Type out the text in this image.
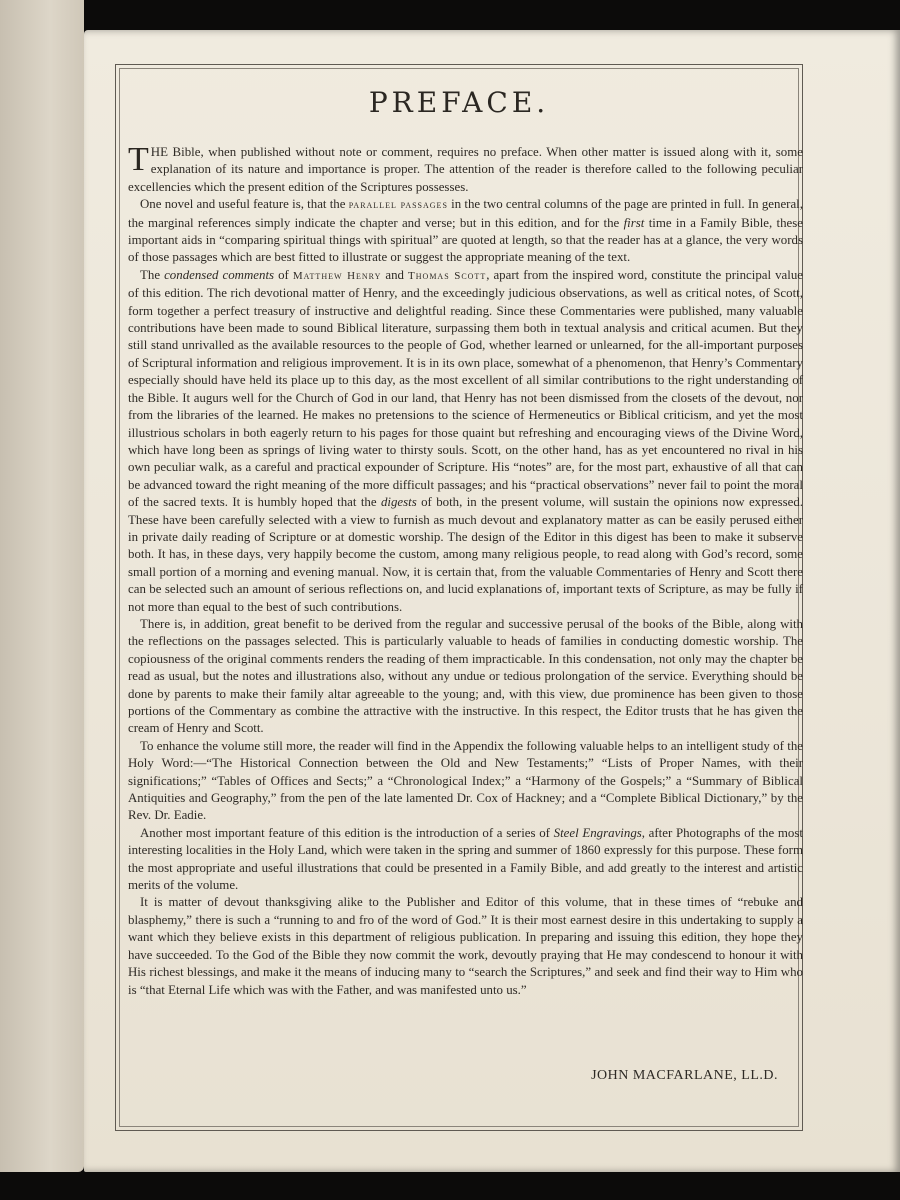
PREFACE.

THE Bible, when published without note or comment, requires no preface. When other matter is issued along with it, some explanation of its nature and importance is proper. The attention of the reader is therefore called to the following peculiar excellencies which the present edition of the Scriptures possesses.

One novel and useful feature is, that the parallel passages in the two central columns of the page are printed in full. In general, the marginal references simply indicate the chapter and verse; but in this edition, and for the first time in a Family Bible, these important aids in “comparing spiritual things with spiritual” are quoted at length, so that the reader has at a glance, the very words of those passages which are best fitted to illustrate or suggest the appropriate meaning of the text.

The condensed comments of Matthew Henry and Thomas Scott, apart from the inspired word, constitute the principal value of this edition. The rich devotional matter of Henry, and the exceedingly judicious observations, as well as critical notes, of Scott, form together a perfect treasury of instructive and delightful reading. Since these Commentaries were published, many valuable contributions have been made to sound Biblical literature, surpassing them both in textual analysis and critical acumen. But they still stand unrivalled as the available resources to the people of God, whether learned or unlearned, for the all-important purposes of Scriptural information and religious improvement. It is in its own place, somewhat of a phenomenon, that Henry’s Commentary especially should have held its place up to this day, as the most excellent of all similar contributions to the right understanding of the Bible. It augurs well for the Church of God in our land, that Henry has not been dismissed from the closets of the devout, nor from the libraries of the learned. He makes no pretensions to the science of Hermeneutics or Biblical criticism, and yet the most illustrious scholars in both eagerly return to his pages for those quaint but refreshing and encouraging views of the Divine Word, which have long been as springs of living water to thirsty souls. Scott, on the other hand, has as yet encountered no rival in his own peculiar walk, as a careful and practical expounder of Scripture. His “notes” are, for the most part, exhaustive of all that can be advanced toward the right meaning of the more difficult passages; and his “practical observations” never fail to point the moral of the sacred texts. It is humbly hoped that the digests of both, in the present volume, will sustain the opinions now expressed. These have been carefully selected with a view to furnish as much devout and explanatory matter as can be easily perused either in private daily reading of Scripture or at domestic worship. The design of the Editor in this digest has been to make it subserve both. It has, in these days, very happily become the custom, among many religious people, to read along with God’s record, some small portion of a morning and evening manual. Now, it is certain that, from the valuable Commentaries of Henry and Scott there can be selected such an amount of serious reflections on, and lucid explanations of, important texts of Scripture, as may be fully if not more than equal to the best of such contributions.

There is, in addition, great benefit to be derived from the regular and successive perusal of the books of the Bible, along with the reflections on the passages selected. This is particularly valuable to heads of families in conducting domestic worship. The copiousness of the original comments renders the reading of them impracticable. In this condensation, not only may the chapter be read as usual, but the notes and illustrations also, without any undue or tedious prolongation of the service. Everything should be done by parents to make their family altar agreeable to the young; and, with this view, due prominence has been given to those portions of the Commentary as combine the attractive with the instructive. In this respect, the Editor trusts that he has given the cream of Henry and Scott.

To enhance the volume still more, the reader will find in the Appendix the following valuable helps to an intelligent study of the Holy Word:—“The Historical Connection between the Old and New Testaments;” “Lists of Proper Names, with their significations;” “Tables of Offices and Sects;” a “Chronological Index;” a “Harmony of the Gospels;” a “Summary of Biblical Antiquities and Geography,” from the pen of the late lamented Dr. Cox of Hackney; and a “Complete Biblical Dictionary,” by the Rev. Dr. Eadie.

Another most important feature of this edition is the introduction of a series of Steel Engravings, after Photographs of the most interesting localities in the Holy Land, which were taken in the spring and summer of 1860 expressly for this purpose. These form the most appropriate and useful illustrations that could be presented in a Family Bible, and add greatly to the interest and artistic merits of the volume.

It is matter of devout thanksgiving alike to the Publisher and Editor of this volume, that in these times of “rebuke and blasphemy,” there is such a “running to and fro of the word of God.” It is their most earnest desire in this undertaking to supply a want which they believe exists in this department of religious publication. In preparing and issuing this edition, they hope they have succeeded. To the God of the Bible they now commit the work, devoutly praying that He may condescend to honour it with His richest blessings, and make it the means of inducing many to “search the Scriptures,” and seek and find their way to Him who is “that Eternal Life which was with the Father, and was manifested unto us.”

JOHN MACFARLANE, LL.D.
